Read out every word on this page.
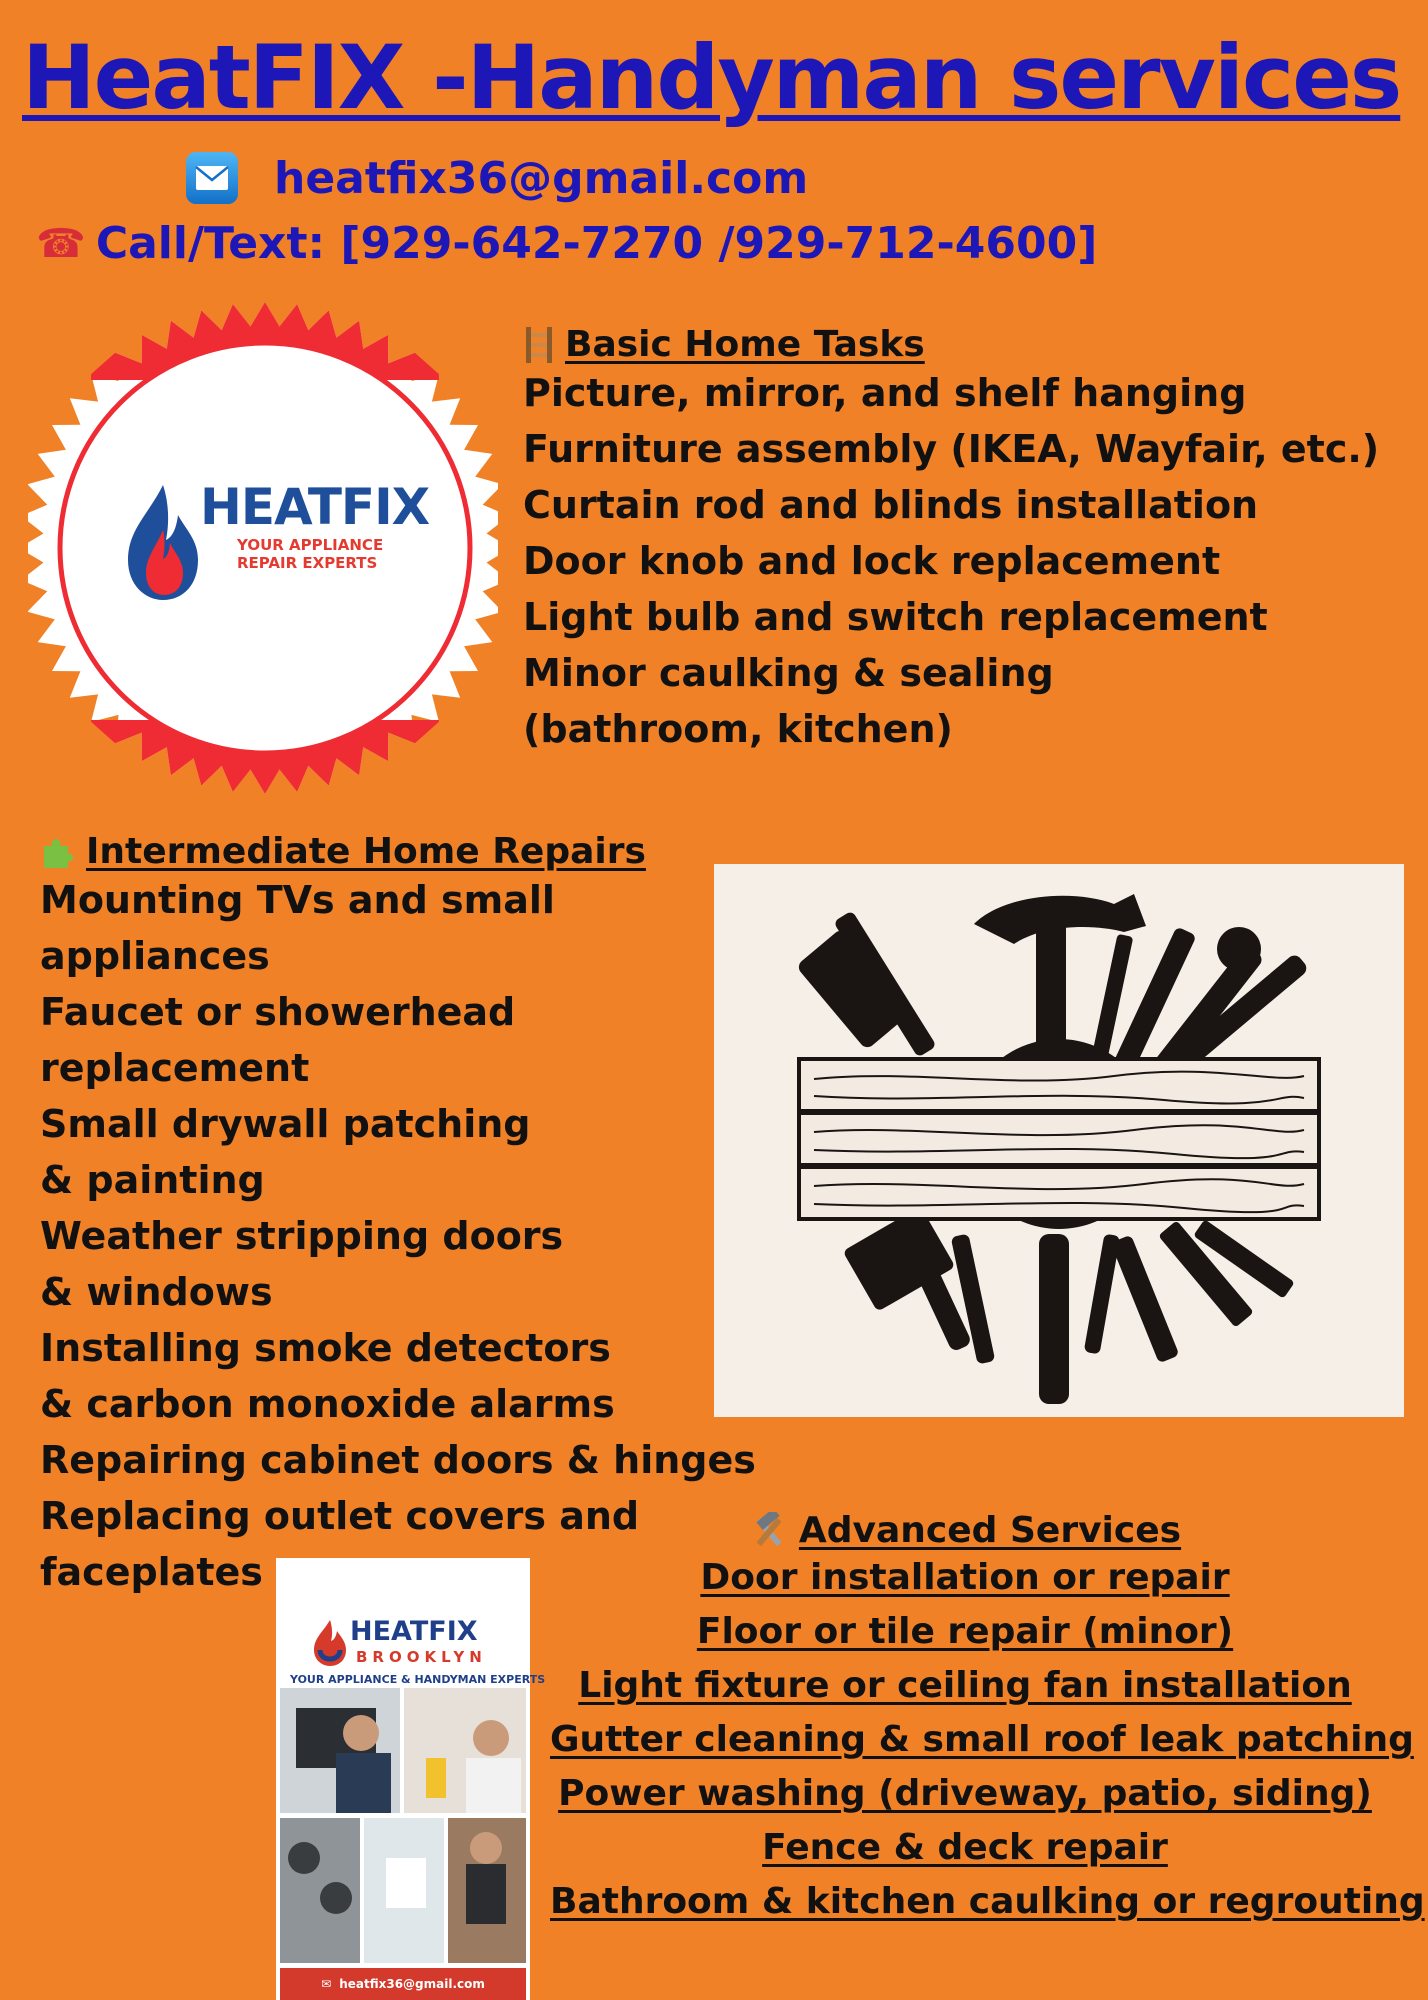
HeatFIX -Handyman services
heatfix36@gmail.com
☎ Call/Text: [929-642-7270 /929-712-4600]
HEATFIX
YOUR APPLIANCE
REPAIR EXPERTS
Basic Home Tasks
Picture, mirror, and shelf hanging
Furniture assembly (IKEA, Wayfair, etc.)
Curtain rod and blinds installation
Door knob and lock replacement
Light bulb and switch replacement
Minor caulking & sealing (bathroom, kitchen)
Intermediate Home Repairs
Mounting TVs and small appliances
Faucet or showerhead replacement
Small drywall patching & painting
Weather stripping doors & windows
Installing smoke detectors & carbon monoxide alarms
Repairing cabinet doors & hinges
Replacing outlet covers and faceplates
HEATFIX
BROOKLYN
YOUR APPLIANCE & HANDYMAN EXPERTS
✉ heatfix36@gmail.com
Advanced Services
Door installation or repair
Floor or tile repair (minor)
Light fixture or ceiling fan installation
Gutter cleaning & small roof leak patching
Power washing (driveway, patio, siding)
Fence & deck repair
Bathroom & kitchen caulking or regrouting
